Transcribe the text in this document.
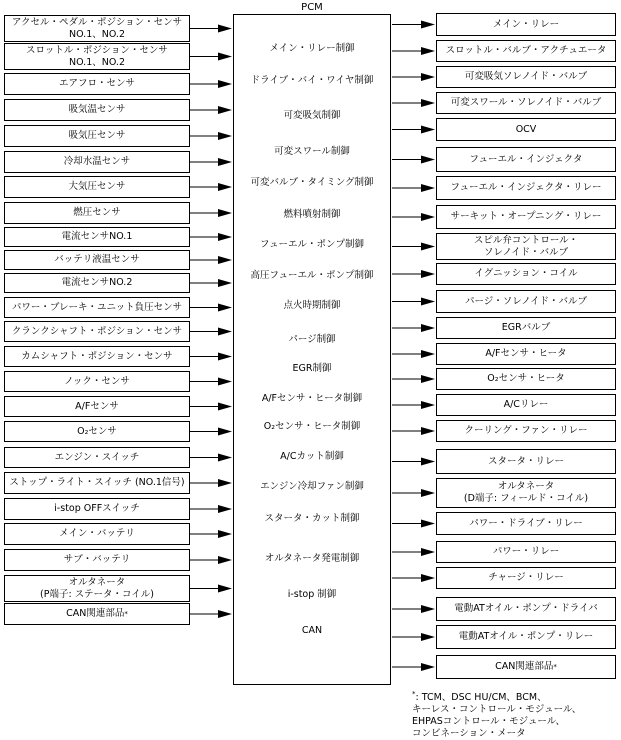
PCM
メイン・リレー制御
ドライブ・バイ・ワイヤ制御
可変吸気制御
可変スワール制御
可変バルブ・タイミング制御
燃料噴射制御
フューエル・ポンプ制御
高圧フューエル・ポンプ制御
点火時期制御
パージ制御
EGR制御
A/Fセンサ・ヒータ制御
O₂センサ・ヒータ制御
A/Cカット制御
エンジン冷却ファン制御
スタータ・カット制御
オルタネータ発電制御
i-stop 制御
CAN
アクセル・ペダル・ポジション・センサ
NO.1、NO.2
スロットル・ポジション・センサ
NO.1、NO.2
エアフロ・センサ
吸気温センサ
吸気圧センサ
冷却水温センサ
大気圧センサ
燃圧センサ
電流センサNO.1
バッテリ液温センサ
電流センサNO.2
パワー・ブレーキ・ユニット負圧センサ
クランクシャフト・ポジション・センサ
カムシャフト・ポジション・センサ
ノック・センサ
A/Fセンサ
O₂センサ
エンジン・スイッチ
ストップ・ライト・スイッチ (NO.1信号)
i-stop OFFスイッチ
メイン・バッテリ
サブ・バッテリ
オルタネータ
(P端子: ステータ・コイル)
CAN関連部品 *
メイン・リレー
スロットル・バルブ・アクチュエータ
可変吸気ソレノイド・バルブ
可変スワール・ソレノイド・バルブ
OCV
フューエル・インジェクタ
フューエル・インジェクタ・リレー
サーキット・オープニング・リレー
スピル弁コントロール・
ソレノイド・バルブ
イグニッション・コイル
パージ・ソレノイド・バルブ
EGRバルブ
A/Fセンサ・ヒータ
O₂センサ・ヒータ
A/Cリレー
クーリング・ファン・リレー
スタータ・リレー
オルタネータ
(D端子: フィールド・コイル)
パワー・ドライブ・リレー
パワー・リレー
チャージ・リレー
電動ATオイル・ポンプ・ドライバ
電動ATオイル・ポンプ・リレー
CAN関連部品 *
*: TCM、DSC HU/CM、BCM、
キーレス・コントロール・モジュール、
EHPASコントロール・モジュール、
コンビネーション・メータ
